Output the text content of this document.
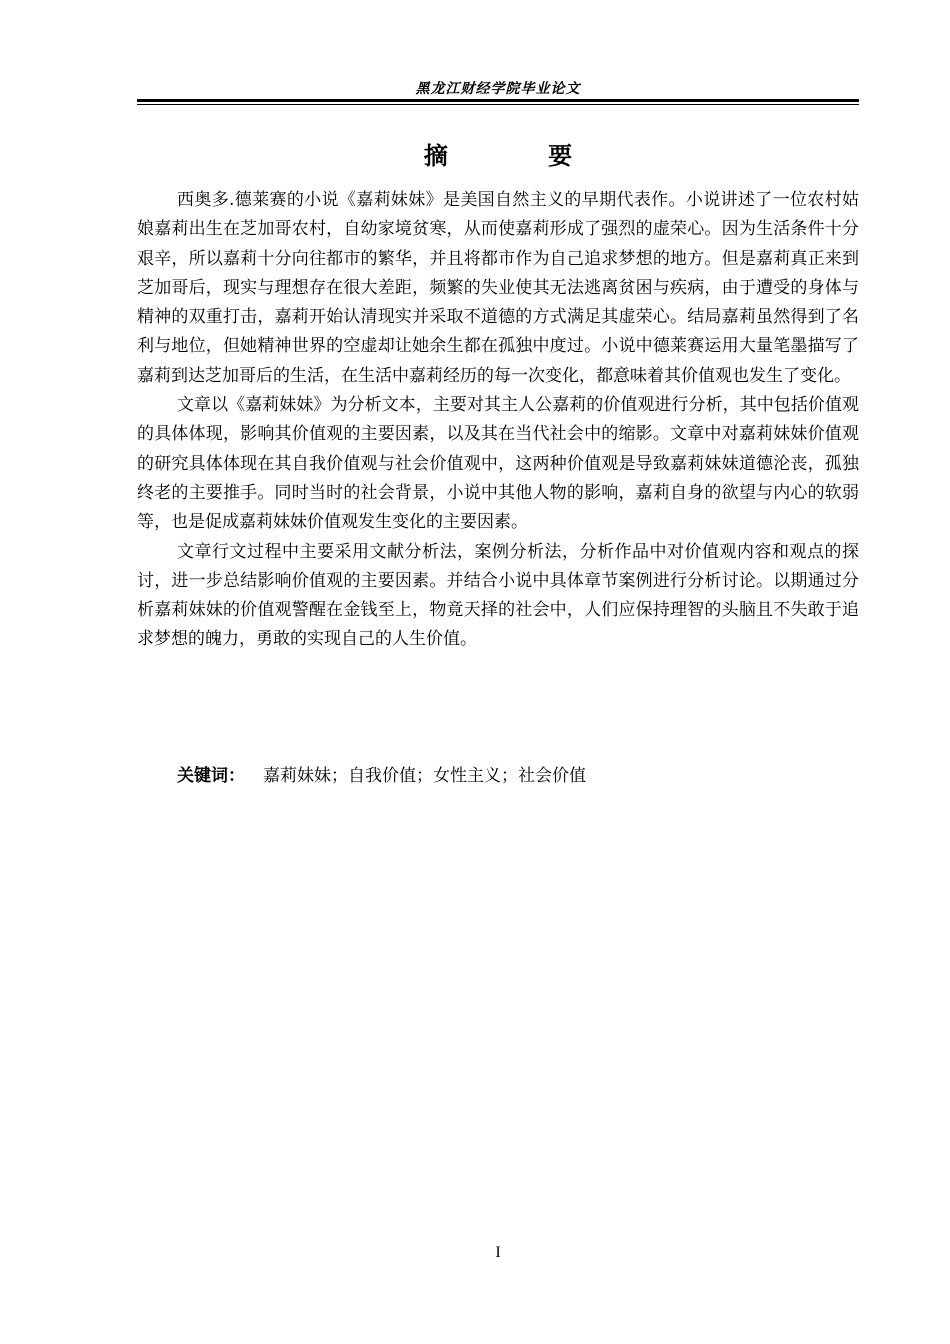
黑龙江财经学院毕业论文
摘 要

西奥多.德莱赛的小说《嘉莉妹妹》是美国自然主义的早期代表作。小说讲述了一位农村姑娘嘉莉出生在芝加哥农村，自幼家境贫寒，从而使嘉莉形成了强烈的虚荣心。因为生活条件十分艰辛，所以嘉莉十分向往都市的繁华，并且将都市作为自己追求梦想的地方。但是嘉莉真正来到芝加哥后，现实与理想存在很大差距，频繁的失业使其无法逃离贫困与疾病，由于遭受的身体与精神的双重打击，嘉莉开始认清现实并采取不道德的方式满足其虚荣心。结局嘉莉虽然得到了名利与地位，但她精神世界的空虚却让她余生都在孤独中度过。小说中德莱赛运用大量笔墨描写了嘉莉到达芝加哥后的生活，在生活中嘉莉经历的每一次变化，都意味着其价值观也发生了变化。

文章以《嘉莉妹妹》为分析文本，主要对其主人公嘉莉的价值观进行分析，其中包括价值观的具体体现，影响其价值观的主要因素，以及其在当代社会中的缩影。文章中对嘉莉妹妹价值观的研究具体体现在其自我价值观与社会价值观中，这两种价值观是导致嘉莉妹妹道德沦丧，孤独终老的主要推手。同时当时的社会背景，小说中其他人物的影响，嘉莉自身的欲望与内心的软弱等，也是促成嘉莉妹妹价值观发生变化的主要因素。

文章行文过程中主要采用文献分析法，案例分析法，分析作品中对价值观内容和观点的探讨，进一步总结影响价值观的主要因素。并结合小说中具体章节案例进行分析讨论。以期通过分析嘉莉妹妹的价值观警醒在金钱至上，物竟天择的社会中，人们应保持理智的头脑且不失敢于追求梦想的魄力，勇敢的实现自己的人生价值。

关键词： 嘉莉妹妹；自我价值；女性主义；社会价值
I
